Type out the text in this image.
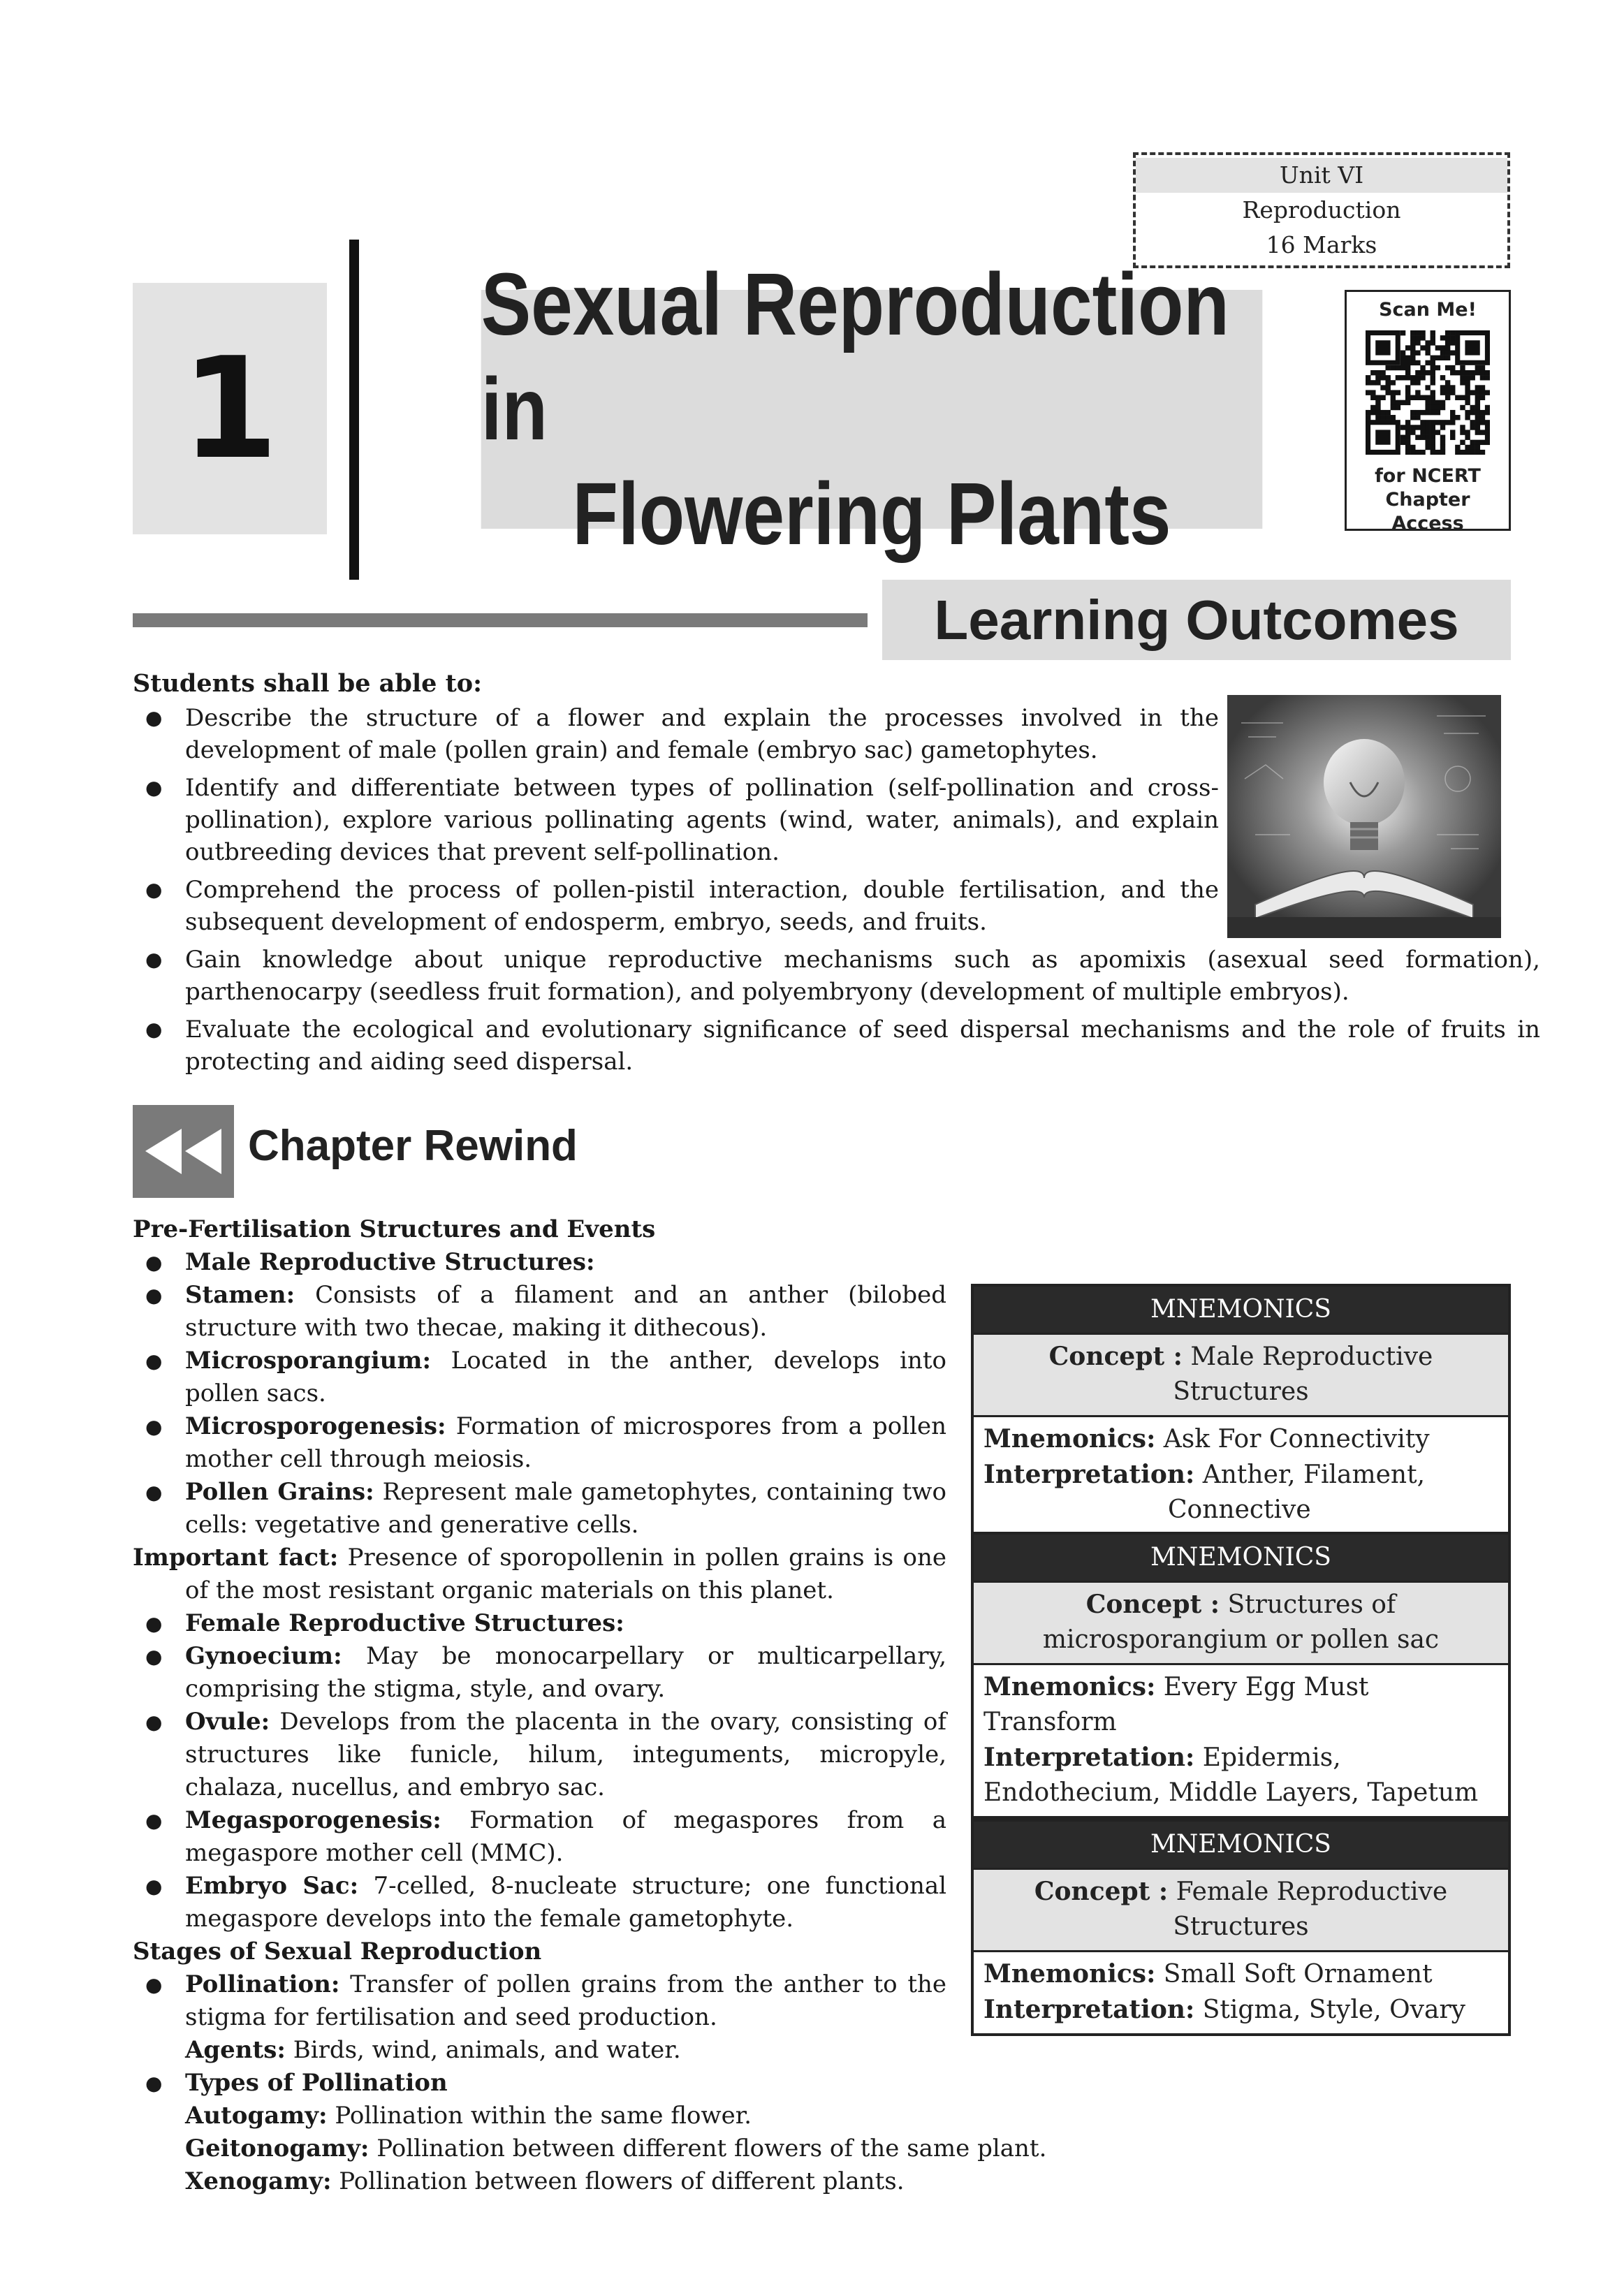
Unit VI
Reproduction
16 Marks
1
Sexual Reproduction in
Flowering Plants
Scan Me!
for NCERT
Chapter Access
Learning Outcomes
Students shall be able to:
● Describe the structure of a flower and explain the processes involved in the development of male (pollen grain) and female (embryo sac) gametophytes.
● Identify and differentiate between types of pollination (self-pollination and cross-pollination), explore various pollinating agents (wind, water, animals), and explain outbreeding devices that prevent self-pollination.
● Comprehend the process of pollen-pistil interaction, double fertilisation, and the subsequent development of endosperm, embryo, seeds, and fruits.
● Gain knowledge about unique reproductive mechanisms such as apomixis (asexual seed formation), parthenocarpy (seedless fruit formation), and polyembryony (development of multiple embryos).
● Evaluate the ecological and evolutionary significance of seed dispersal mechanisms and the role of fruits in protecting and aiding seed dispersal.
Chapter Rewind
Pre-Fertilisation Structures and Events
● Male Reproductive Structures:
● Stamen: Consists of a filament and an anther (bilobed structure with two thecae, making it dithecous).
● Microsporangium: Located in the anther, develops into pollen sacs.
● Microsporogenesis: Formation of microspores from a pollen mother cell through meiosis.
● Pollen Grains: Represent male gametophytes, containing two cells: vegetative and generative cells.
Important fact: Presence of sporopollenin in pollen grains is one of the most resistant organic materials on this planet.
● Female Reproductive Structures:
● Gynoecium: May be monocarpellary or multicarpellary, comprising the stigma, style, and ovary.
● Ovule: Develops from the placenta in the ovary, consisting of structures like funicle, hilum, integuments, micropyle, chalaza, nucellus, and embryo sac.
● Megasporogenesis: Formation of megaspores from a megaspore mother cell (MMC).
● Embryo Sac: 7-celled, 8-nucleate structure; one functional megaspore develops into the female gametophyte.
Stages of Sexual Reproduction
● Pollination: Transfer of pollen grains from the anther to the stigma for fertilisation and seed production.
Agents: Birds, wind, animals, and water.
● Types of Pollination
Autogamy: Pollination within the same flower.
Geitonogamy: Pollination between different flowers of the same plant.
Xenogamy: Pollination between flowers of different plants.
MNEMONICS
Concept : Male Reproductive Structures
Mnemonics: Ask For Connectivity
Interpretation: Anther, Filament, Connective
MNEMONICS
Concept : Structures of microsporangium or pollen sac
Mnemonics: Every Egg Must Transform
Interpretation: Epidermis, Endothecium, Middle Layers, Tapetum
MNEMONICS
Concept : Female Reproductive Structures
Mnemonics: Small Soft Ornament
Interpretation: Stigma, Style, Ovary
